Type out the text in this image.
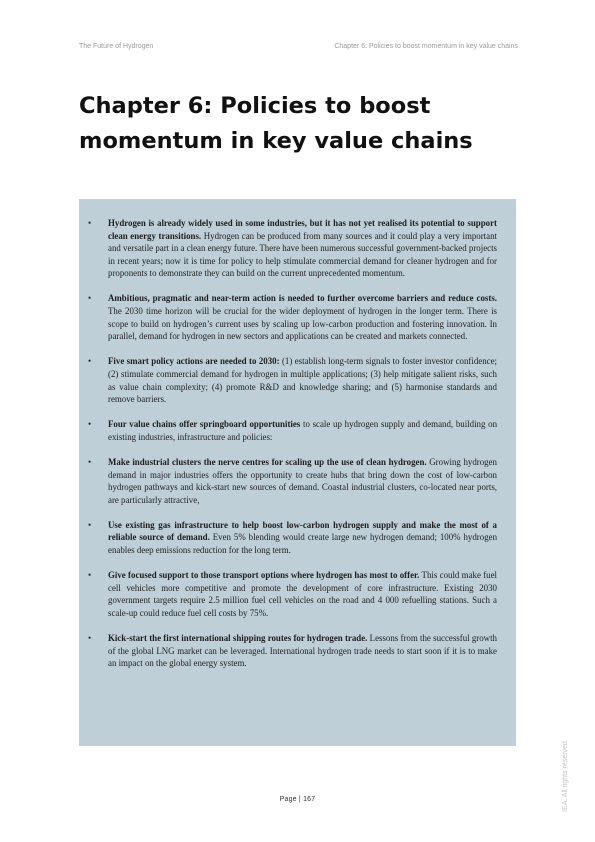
The Future of Hydrogen	Chapter 6: Policies to boost momentum in key value chains
Chapter 6: Policies to boost momentum in key value chains
• Hydrogen is already widely used in some industries, but it has not yet realised its potential to support clean energy transitions. Hydrogen can be produced from many sources and it could play a very important and versatile part in a clean energy future. There have been numerous successful government-backed projects in recent years; now it is time for policy to help stimulate commercial demand for cleaner hydrogen and for proponents to demonstrate they can build on the current unprecedented momentum.
• Ambitious, pragmatic and near-term action is needed to further overcome barriers and reduce costs. The 2030 time horizon will be crucial for the wider deployment of hydrogen in the longer term. There is scope to build on hydrogen’s current uses by scaling up low-carbon production and fostering innovation. In parallel, demand for hydrogen in new sectors and applications can be created and markets connected.
• Five smart policy actions are needed to 2030: (1) establish long-term signals to foster investor confidence; (2) stimulate commercial demand for hydrogen in multiple applications; (3) help mitigate salient risks, such as value chain complexity; (4) promote R&D and knowledge sharing; and (5) harmonise standards and remove barriers.
• Four value chains offer springboard opportunities to scale up hydrogen supply and demand, building on existing industries, infrastructure and policies:
• Make industrial clusters the nerve centres for scaling up the use of clean hydrogen. Growing hydrogen demand in major industries offers the opportunity to create hubs that bring down the cost of low-carbon hydrogen pathways and kick-start new sources of demand. Coastal industrial clusters, co-located near ports, are particularly attractive,
• Use existing gas infrastructure to help boost low-carbon hydrogen supply and make the most of a reliable source of demand. Even 5% blending would create large new hydrogen demand; 100% hydrogen enables deep emissions reduction for the long term.
• Give focused support to those transport options where hydrogen has most to offer. This could make fuel cell vehicles more competitive and promote the development of core infrastructure. Existing 2030 government targets require 2.5 million fuel cell vehicles on the road and 4 000 refuelling stations. Such a scale-up could reduce fuel cell costs by 75%.
• Kick-start the first international shipping routes for hydrogen trade. Lessons from the successful growth of the global LNG market can be leveraged. International hydrogen trade needs to start soon if it is to make an impact on the global energy system.
Page | 167	IEA. All rights reserved.
